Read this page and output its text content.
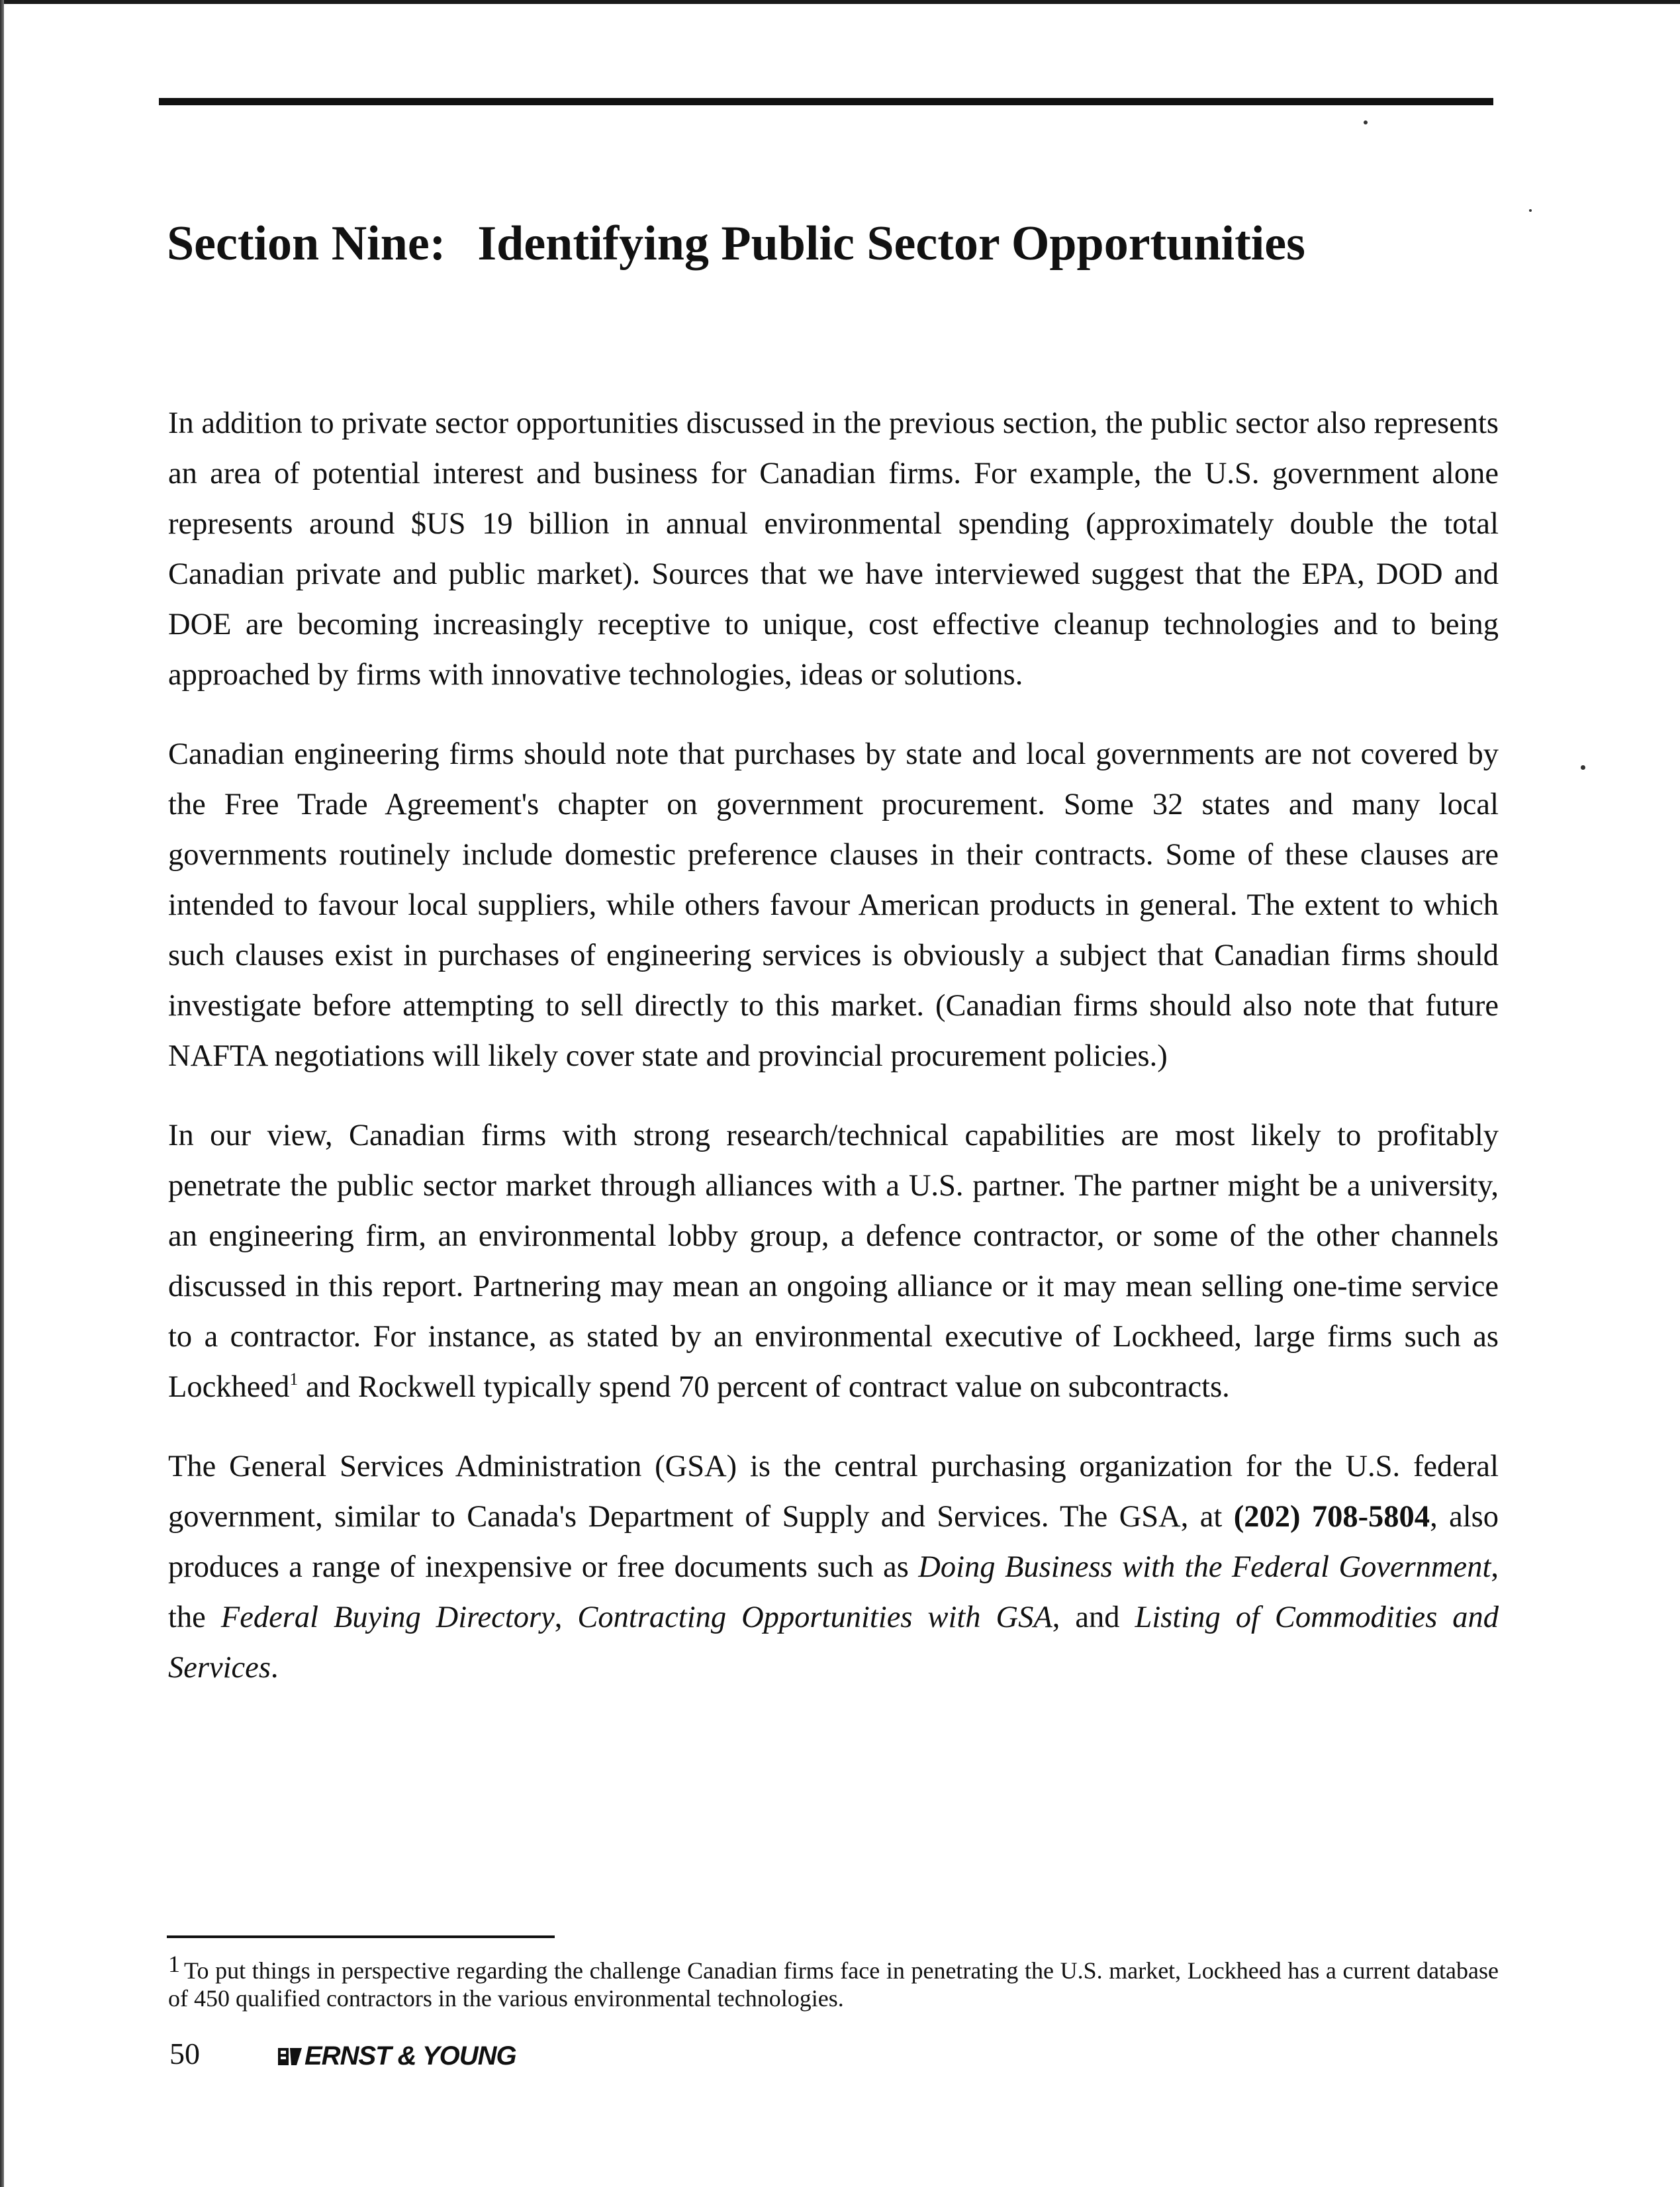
Section Nine: Identifying Public Sector Opportunities

In addition to private sector opportunities discussed in the previous section, the public sector also represents an area of potential interest and business for Canadian firms. For example, the U.S. government alone represents around $US 19 billion in annual environmental spending (approximately double the total Canadian private and public market). Sources that we have interviewed suggest that the EPA, DOD and DOE are becoming increasingly receptive to unique, cost effective cleanup technologies and to being approached by firms with innovative technologies, ideas or solutions.

Canadian engineering firms should note that purchases by state and local governments are not covered by the Free Trade Agreement's chapter on government procurement. Some 32 states and many local governments routinely include domestic preference clauses in their contracts. Some of these clauses are intended to favour local suppliers, while others favour American products in general. The extent to which such clauses exist in purchases of engineering services is obviously a subject that Canadian firms should investigate before attempting to sell directly to this market. (Canadian firms should also note that future NAFTA negotiations will likely cover state and provincial procurement policies.)

In our view, Canadian firms with strong research/technical capabilities are most likely to profitably penetrate the public sector market through alliances with a U.S. partner. The partner might be a university, an engineering firm, an environmental lobby group, a defence contractor, or some of the other channels discussed in this report. Partnering may mean an ongoing alliance or it may mean selling one-time service to a contractor. For instance, as stated by an environmental executive of Lockheed, large firms such as Lockheed$^1$ and Rockwell typically spend 70 percent of contract value on subcontracts.

The General Services Administration (GSA) is the central purchasing organization for the U.S. federal government, similar to Canada's Department of Supply and Services. The GSA, at (202) 708-5804, also produces a range of inexpensive or free documents such as Doing Business with the Federal Government, the Federal Buying Directory, Contracting Opportunities with GSA, and Listing of Commodities and Services.

1 To put things in perspective regarding the challenge Canadian firms face in penetrating the U.S. market, Lockheed has a current database of 450 qualified contractors in the various environmental technologies.

50	ERNST & YOUNG
